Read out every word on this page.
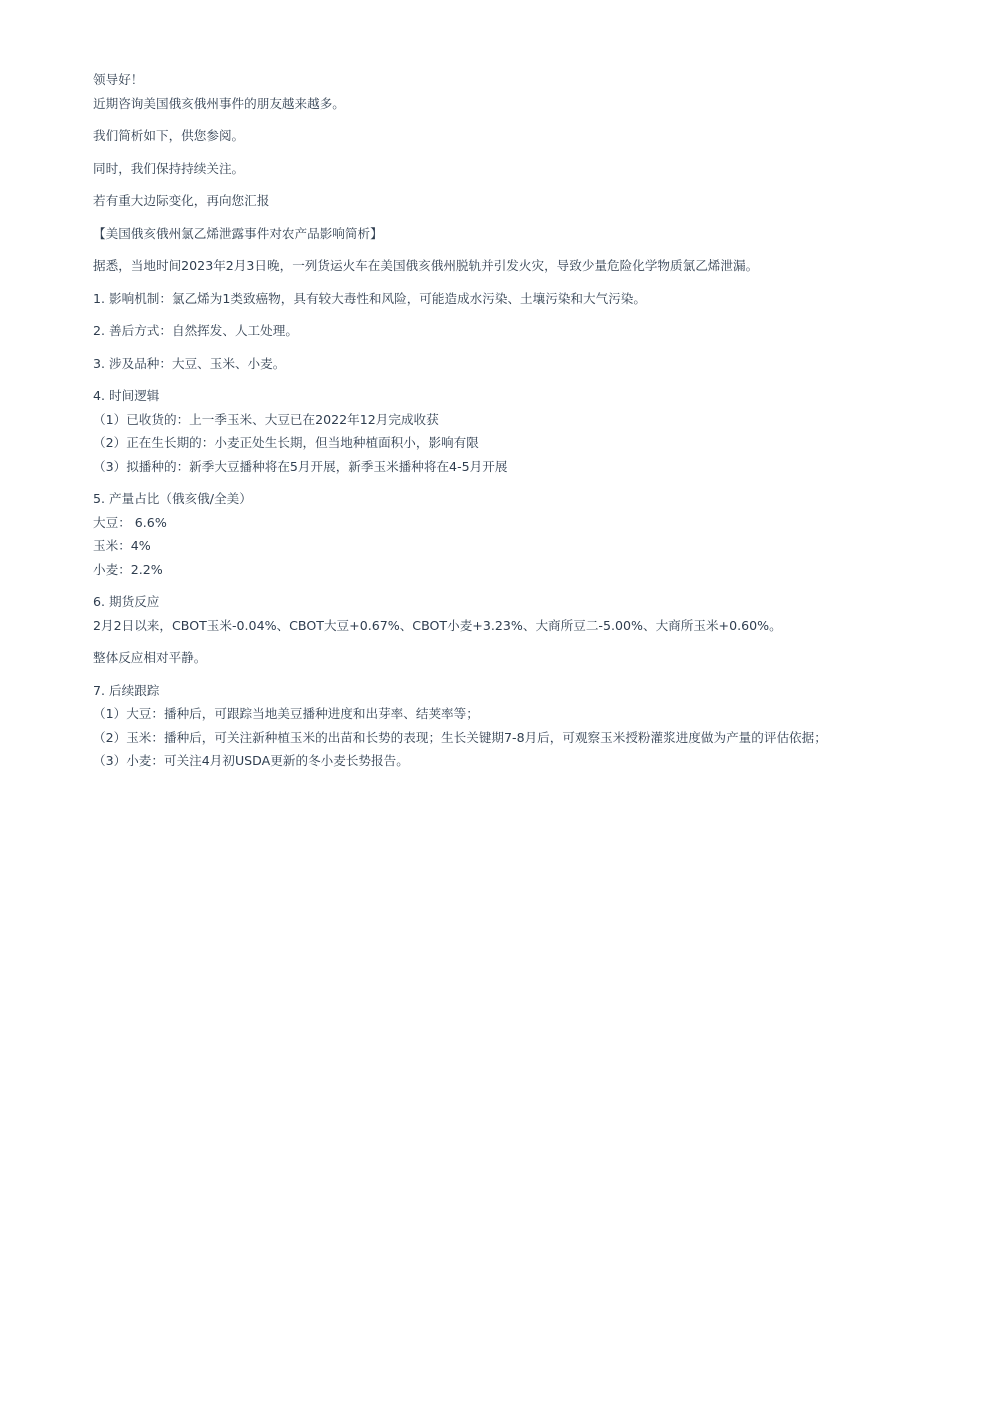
领导好！
近期咨询美国俄亥俄州事件的朋友越来越多。
我们简析如下，供您参阅。
同时，我们保持持续关注。
若有重大边际变化，再向您汇报
【美国俄亥俄州氯乙烯泄露事件对农产品影响简析】
据悉，当地时间2023年2月3日晚，一列货运火车在美国俄亥俄州脱轨并引发火灾，导致少量危险化学物质氯乙烯泄漏。
1. 影响机制：氯乙烯为1类致癌物，具有较大毒性和风险，可能造成水污染、土壤污染和大气污染。
2. 善后方式：自然挥发、人工处理。
3. 涉及品种：大豆、玉米、小麦。
4. 时间逻辑
（1）已收货的：上一季玉米、大豆已在2022年12月完成收获
（2）正在生长期的：小麦正处生长期，但当地种植面积小，影响有限
（3）拟播种的：新季大豆播种将在5月开展，新季玉米播种将在4-5月开展
5. 产量占比（俄亥俄/全美）
大豆： 6.6%
玉米：4%
小麦：2.2%
6. 期货反应
2月2日以来，CBOT玉米-0.04%、CBOT大豆+0.67%、CBOT小麦+3.23%、大商所豆二-5.00%、大商所玉米+0.60%。
整体反应相对平静。
7. 后续跟踪
（1）大豆：播种后，可跟踪当地美豆播种进度和出芽率、结荚率等；
（2）玉米：播种后，可关注新种植玉米的出苗和长势的表现；生长关键期7-8月后，可观察玉米授粉灌浆进度做为产量的评估依据；
（3）小麦：可关注4月初USDA更新的冬小麦长势报告。
